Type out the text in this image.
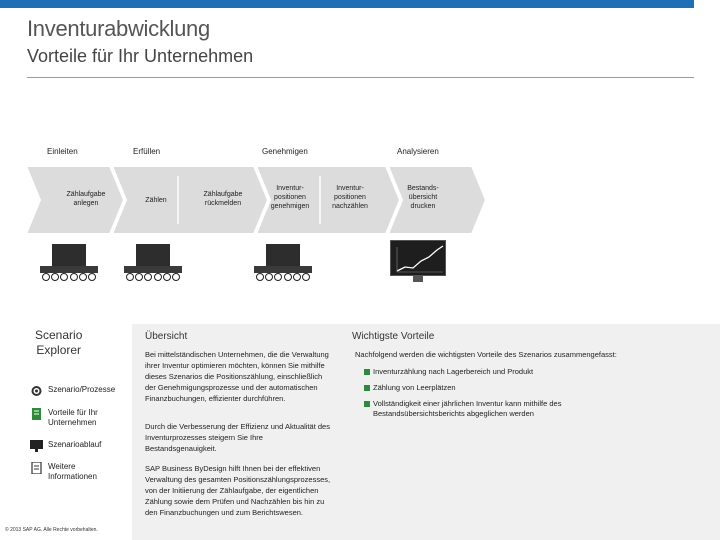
Inventurabwicklung
Vorteile für Ihr Unternehmen
Einleiten	Erfüllen	Genehmigen	Analysieren
Zählaufgabe anlegen	Zählen
Zählaufgabe rückmelden
Inventur-positionen genehmigen
Inventur-positionen nachzählen
Bestands-übersicht drucken
Scenario
Explorer
Szenario/Prozesse
Vorteile für Ihr Unternehmen
Szenarioablauf
Weitere Informationen
© 2013 SAP AG. Alle Rechte vorbehalten.
Übersicht
Bei mittelständischen Unternehmen, die die Verwaltung ihrer Inventur optimieren möchten, können Sie mithilfe dieses Szenarios die Positionszählung, einschließlich der Genehmigungsprozesse und der automatischen Finanzbuchungen, effizienter durchführen.
Durch die Verbesserung der Effizienz und Aktualität des Inventurprozesses steigern Sie Ihre Bestandsgenauigkeit.
SAP Business ByDesign hilft Ihnen bei der effektiven Verwaltung des gesamten Positionszählungsprozesses, von der Initiierung der Zählaufgabe, der eigentlichen Zählung sowie dem Prüfen und Nachzählen bis hin zu den Finanzbuchungen und zum Berichtswesen.
Wichtigste Vorteile
Nachfolgend werden die wichtigsten Vorteile des Szenarios zusammengefasst:
Inventurzählung nach Lagerbereich und Produkt
Zählung von Leerplätzen
Vollständigkeit einer jährlichen Inventur kann mithilfe des Bestandsübersichtsberichts abgeglichen werden
